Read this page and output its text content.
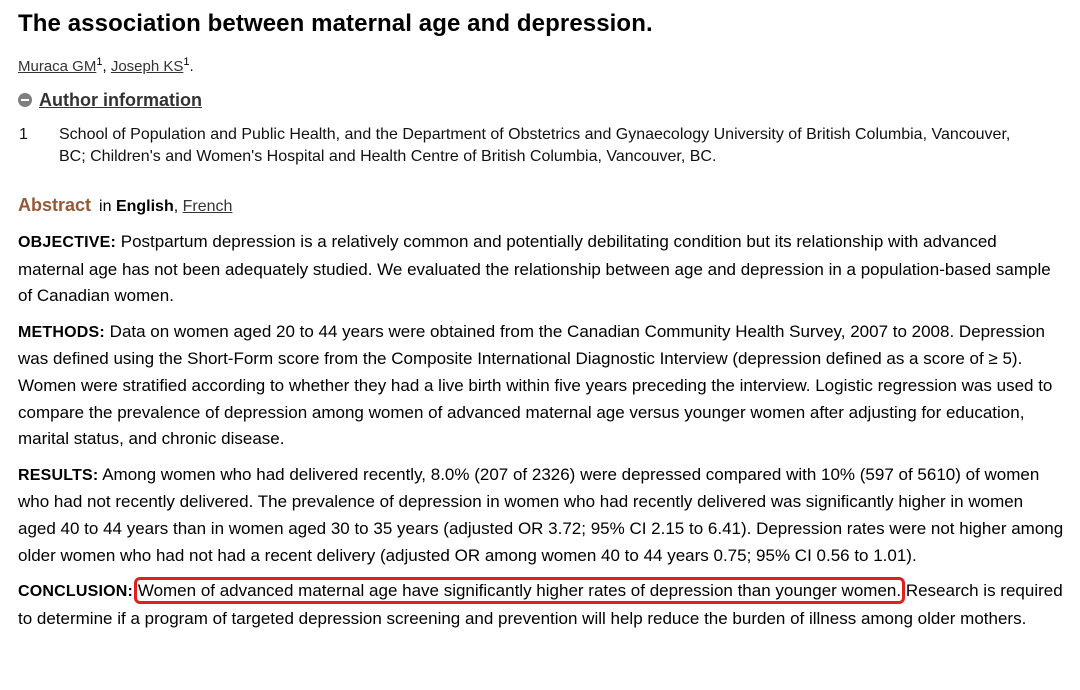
The association between maternal age and depression.
Muraca $GM^1$, Joseph $KS^1$.
Author information
1	School of Population and Public Health, and the Department of Obstetrics and Gynaecology University of British Columbia, Vancouver, BC; Children's and Women's Hospital and Health Centre of British Columbia, Vancouver, BC.
Abstract in
English ,
French
OBJECTIVE: Postpartum depression is a relatively common and potentially debilitating condition but its relationship with advanced maternal age has not been adequately studied. We evaluated the relationship between age and depression in a population-based sample of Canadian women.
METHODS: Data on women aged 20 to 44 years were obtained from the Canadian Community Health Survey, 2007 to 2008. Depression was defined using the Short-Form score from the Composite International Diagnostic Interview (depression defined as a score of ≥ 5). Women were stratified according to whether they had a live birth within five years preceding the interview. Logistic regression was used to compare the prevalence of depression among women of advanced maternal age versus younger women after adjusting for education, marital status, and chronic disease.
RESULTS: Among women who had delivered recently, 8.0% (207 of 2326) were depressed compared with 10% (597 of 5610) of women who had not recently delivered. The prevalence of depression in women who had recently delivered was significantly higher in women aged 40 to 44 years than in women aged 30 to 35 years (adjusted OR 3.72; 95% CI 2.15 to 6.41). Depression rates were not higher among older women who had not had a recent delivery (adjusted OR among women 40 to 44 years 0.75; 95% CI 0.56 to 1.01).
CONCLUSION: Women of advanced maternal age have significantly higher rates of depression than younger women. Research is required to determine if a program of targeted depression screening and prevention will help reduce the burden of illness among older mothers.
